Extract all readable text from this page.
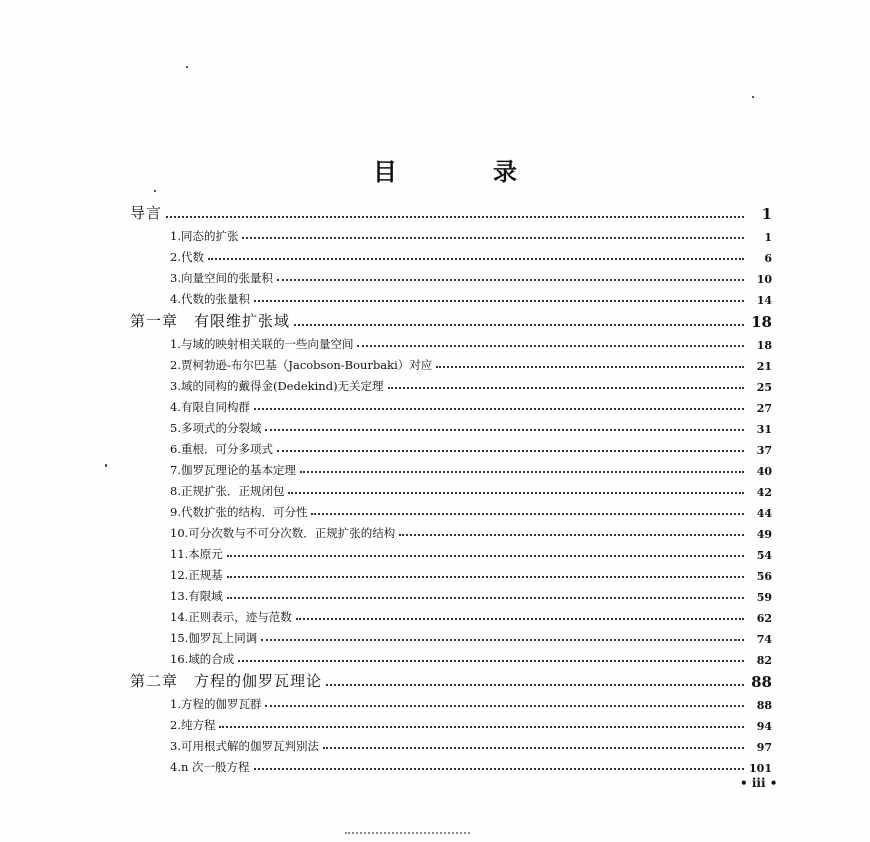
目	录
导言	1
1.同态的扩张	1
2.代数	6
3.向量空间的张量积	10
4.代数的张量积	14
第一章　有限维扩张域	18
1.与域的映射相关联的一些向量空间	18
2.贾柯勃逊-布尔巴基（Jacobson-Bourbaki）对应	21
3.域的同构的戴得金(Dedekind)无关定理	25
4.有限自同构群	27
5.多项式的分裂域	31
6.重根．可分多项式	37
7.伽罗瓦理论的基本定理	40
8.正规扩张．正规闭包	42
9.代数扩张的结构．可分性	44
10.可分次数与不可分次数．正规扩张的结构	49
11.本原元	54
12.正规基	56
13.有限域	59
14.正则表示，迹与范数	62
15.伽罗瓦上同调	74
16.域的合成	82
第二章　方程的伽罗瓦理论	88
1.方程的伽罗瓦群	88
2.纯方程	94
3.可用根式解的伽罗瓦判别法	97
4.n 次一般方程	101
• iii •
